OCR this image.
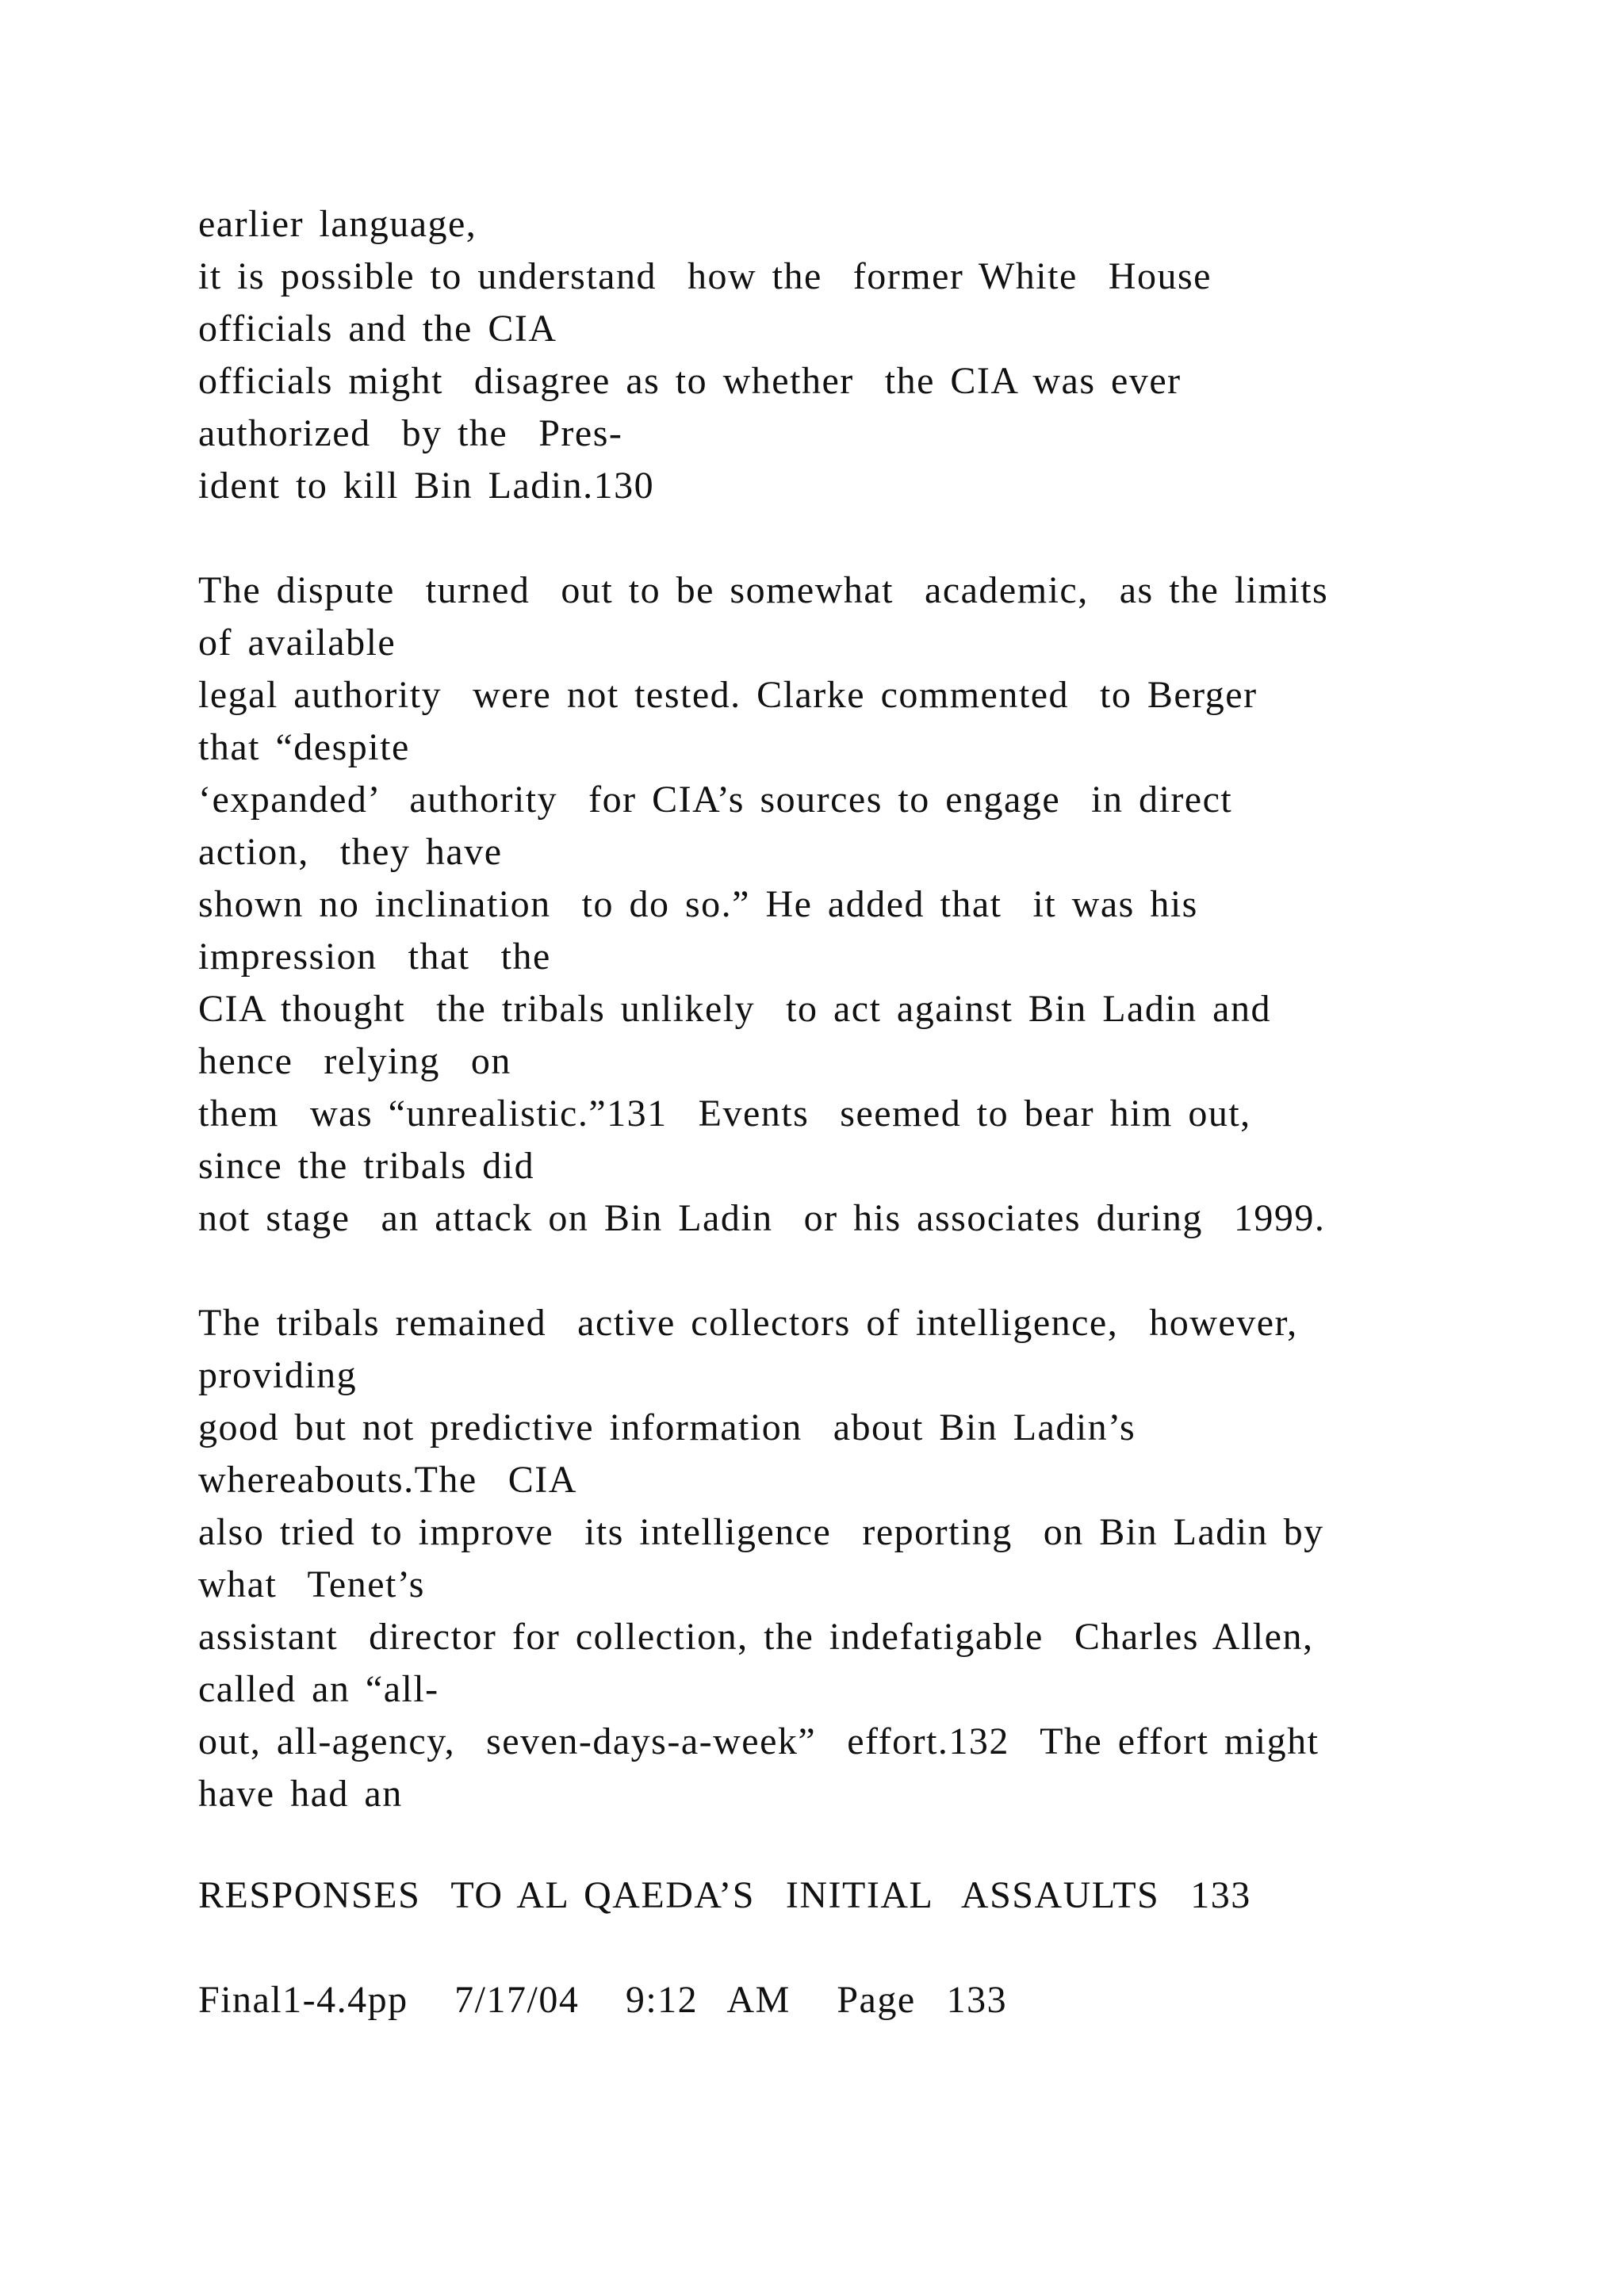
earlier language,
it is possible to understand  how the  former White  House
officials and the CIA
officials might  disagree as to whether  the CIA was ever
authorized  by the  Pres-
ident to kill Bin Ladin.130
The dispute  turned  out to be somewhat  academic,  as the limits
of available
legal authority  were not tested. Clarke commented  to Berger
that “despite
‘expanded’  authority  for CIA’s sources to engage  in direct
action,  they have
shown no inclination  to do so.” He added that  it was his
impression  that  the
CIA thought  the tribals unlikely  to act against Bin Ladin and
hence  relying  on
them  was “unrealistic.”131  Events  seemed to bear him out,
since the tribals did
not stage  an attack on Bin Ladin  or his associates during  1999.
The tribals remained  active collectors of intelligence,  however,
providing
good but not predictive information  about Bin Ladin’s
whereabouts.The  CIA
also tried to improve  its intelligence  reporting  on Bin Ladin by
what  Tenet’s
assistant  director for collection, the indefatigable  Charles Allen,
called an “all-
out, all-agency,  seven-days-a-week”  effort.132  The effort might
have had an
RESPONSES  TO AL QAEDA’S  INITIAL  ASSAULTS  133
Final1-4.4pp   7/17/04   9:12  AM   Page  133
